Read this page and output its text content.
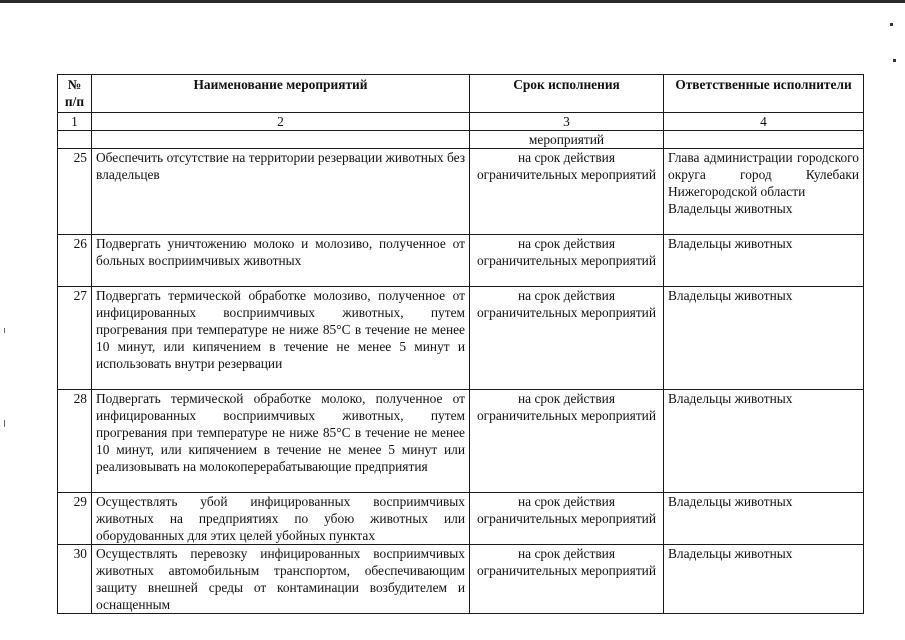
№ п/п	Наименование мероприятий	Срок исполнения	Ответственные исполнители
1	2	3	4
		мероприятий	
25	Обеспечить отсутствие на территории резервации животных без владельцев	на срок действия ограничительных мероприятий	Глава администрации городского округа город Кулебаки Нижегородской области
Владельцы животных

26	Подвергать уничтожению молоко и молозиво, полученное от больных восприимчивых животных	на срок действия ограничительных мероприятий	Владельцы животных

27	Подвергать термической обработке молозиво, полученное от инфицированных восприимчивых животных, путем прогревания при температуре не ниже 85°С в течение не менее 10 минут, или кипячением в течение не менее 5 минут и использовать внутри резервации	на срок действия ограничительных мероприятий	Владельцы животных

28	Подвергать термической обработке молоко, полученное от инфицированных восприимчивых животных, путем прогревания при температуре не ниже 85°С в течение не менее 10 минут, или кипячением в течение не менее 5 минут или реализовывать на молокоперерабатывающие предприятия	на срок действия ограничительных мероприятий	Владельцы животных

29	Осуществлять убой инфицированных восприимчивых животных на предприятиях по убою животных или оборудованных для этих целей убойных пунктах	на срок действия ограничительных мероприятий	Владельцы животных

30	Осуществлять перевозку инфицированных восприимчивых животных автомобильным транспортом, обеспечивающим защиту внешней среды от контаминации возбудителем и оснащенным	на срок действия ограничительных мероприятий	Владельцы животных
